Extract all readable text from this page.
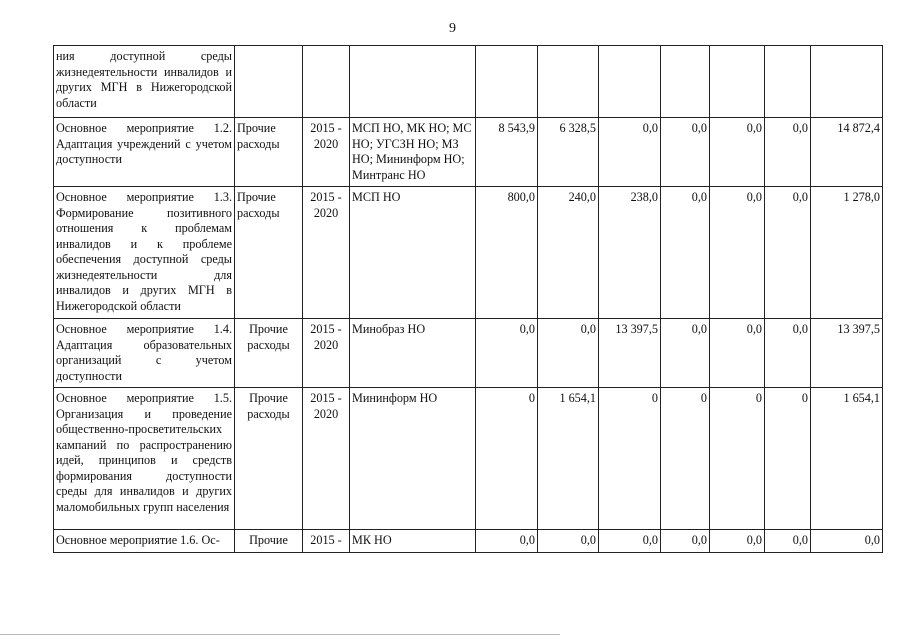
9
ния доступной среды жизнедеятельности инвалидов и других МГН в Нижегородской области										
Основное мероприятие 1.2. Адаптация учреждений с учетом доступности	Прочие расходы	2015 - 2020	МСП НО, МК НО; МС НО; УГСЗН НО; МЗ НО; Мининформ НО; Минтранс НО	8 543,9	6 328,5	0,0	0,0	0,0	0,0	14 872,4
Основное мероприятие 1.3. Формирование позитивного отношения к проблемам инвалидов и к проблеме обеспечения доступной среды жизнедеятельности для инвалидов и других МГН в Нижегородской области	Прочие расходы	2015 - 2020	МСП НО	800,0	240,0	238,0	0,0	0,0	0,0	1 278,0
Основное мероприятие 1.4. Адаптация образовательных организаций с учетом доступности	Прочие расходы	2015 - 2020	Минобраз НО	0,0	0,0	13 397,5	0,0	0,0	0,0	13 397,5
Основное мероприятие 1.5. Организация и проведение общественно-просветительских кампаний по распространению идей, принципов и средств формирования доступности среды для инвалидов и других маломобильных групп населения	Прочие расходы	2015 - 2020	Мининформ НО	0	1 654,1	0	0	0	0	1 654,1
Основное мероприятие 1.6. Ос-	Прочие	2015 -	МК НО	0,0	0,0	0,0	0,0	0,0	0,0	0,0
